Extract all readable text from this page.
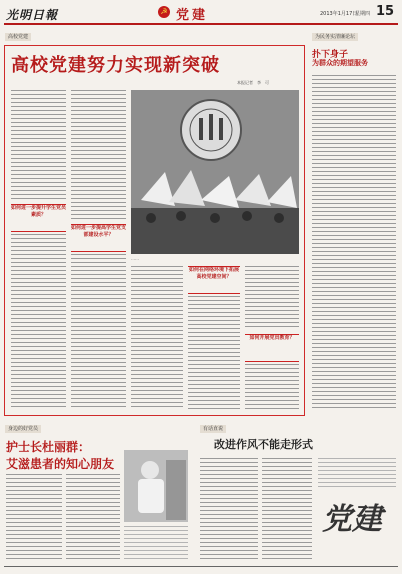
光明日報	☭ 党建	2013年1月17日
星期四 15
高校党建	为民务实清廉论坛
高校党建努力实现新突破
本报记者　李　可
如何进一步提升学生党员素质？
如何进一步提高学生党支部建设水平？
……
如何在网络环境下拓展高校党建空间？
如何开展党员教育？
扑下身子
为群众的期望服务
身边的好党员
护士长杜丽群：
艾滋患者的知心朋友
有话直说
改进作风不能走形式
党建
